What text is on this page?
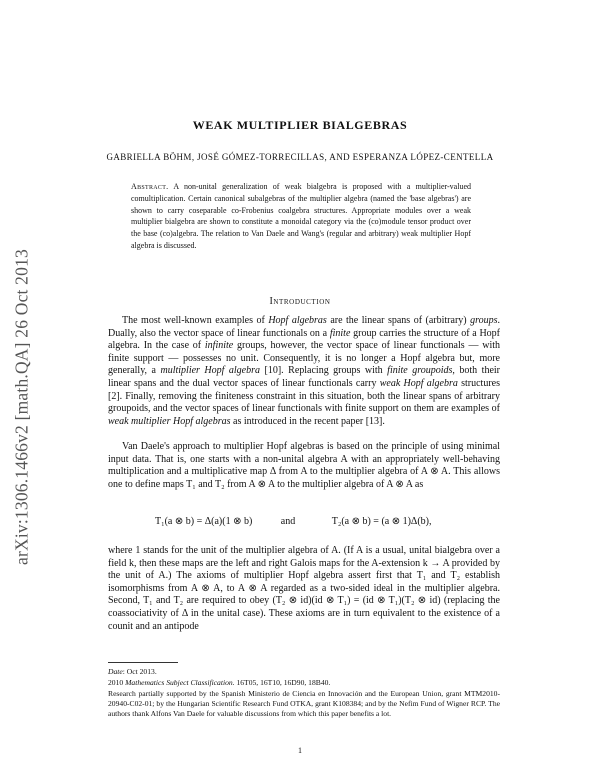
arXiv:1306.1466v2 [math.QA] 26 Oct 2013
WEAK MULTIPLIER BIALGEBRAS
GABRIELLA BÖHM, JOSÉ GÓMEZ-TORRECILLAS, AND ESPERANZA LÓPEZ-CENTELLA
Abstract. A non-unital generalization of weak bialgebra is proposed with a multiplier-valued comultiplication. Certain canonical subalgebras of the multiplier algebra (named the 'base algebras') are shown to carry coseparable co-Frobenius coalgebra structures. Appropriate modules over a weak multiplier bialgebra are shown to constitute a monoidal category via the (co)module tensor product over the base (co)algebra. The relation to Van Daele and Wang's (regular and arbitrary) weak multiplier Hopf algebra is discussed.
Introduction
The most well-known examples of Hopf algebras are the linear spans of (arbitrary) groups. Dually, also the vector space of linear functionals on a finite group carries the structure of a Hopf algebra. In the case of infinite groups, however, the vector space of linear functionals — with finite support — possesses no unit. Consequently, it is no longer a Hopf algebra but, more generally, a multiplier Hopf algebra [10]. Replacing groups with finite groupoids, both their linear spans and the dual vector spaces of linear functionals carry weak Hopf algebra structures [2]. Finally, removing the finiteness constraint in this situation, both the linear spans of arbitrary groupoids, and the vector spaces of linear functionals with finite support on them are examples of weak multiplier Hopf algebras as introduced in the recent paper [13].
Van Daele's approach to multiplier Hopf algebras is based on the principle of using minimal input data. That is, one starts with a non-unital algebra A with an appropriately well-behaving multiplication and a multiplicative map Δ from A to the multiplier algebra of A ⊗ A. This allows one to define maps T₁ and T₂ from A ⊗ A to the multiplier algebra of A ⊗ A as
T₁(a ⊗ b) = Δ(a)(1 ⊗ b)	and	T₂(a ⊗ b) = (a ⊗ 1)Δ(b),
where 1 stands for the unit of the multiplier algebra of A. (If A is a usual, unital bialgebra over a field k, then these maps are the left and right Galois maps for the A-extension k → A provided by the unit of A.) The axioms of multiplier Hopf algebra assert first that T₁ and T₂ establish isomorphisms from A ⊗ A, to A ⊗ A regarded as a two-sided ideal in the multiplier algebra. Second, T₁ and T₂ are required to obey (T₂ ⊗ id)(id ⊗ T₁) = (id ⊗ T₁)(T₂ ⊗ id) (replacing the coassociativity of Δ in the unital case). These axioms are in turn equivalent to the existence of a counit and an antipode
Date: Oct 2013.
2010 Mathematics Subject Classification. 16T05, 16T10, 16D90, 18B40.
Research partially supported by the Spanish Ministerio de Ciencia en Innovación and the European Union, grant MTM2010-20940-C02-01; by the Hungarian Scientific Research Fund OTKA, grant K108384; and by the Nefim Fund of Wigner RCP. The authors thank Alfons Van Daele for valuable discussions from which this paper benefits a lot.
1
